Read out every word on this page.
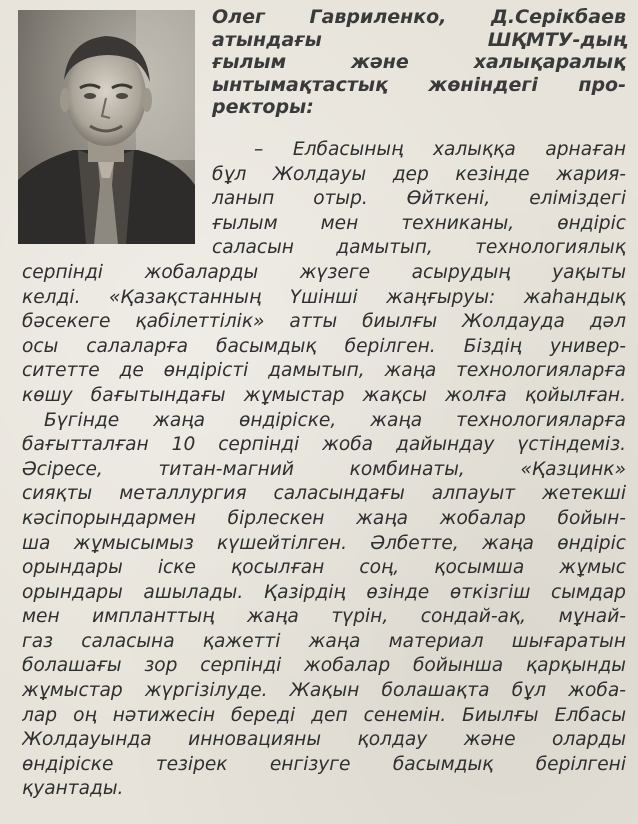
Олег Гавриленко, Д.Серікбаев
атындағы ШҚМТУ-дың
ғылым және халықаралық
ынтымақтастық жөніндегі про-
ректоры:
– Елбасының халыққа арнаған
бұл Жолдауы дер кезінде жария-
ланып отыр. Өйткені, еліміздегі
ғылым мен техниканы, өндіріс
саласын дамытып, технологиялық
серпінді жобаларды жүзеге асырудың уақыты
келді. «Қазақстанның Үшінші жаңғыруы: жаһандық
бәсекеге қабілеттілік» атты биылғы Жолдауда дәл
осы салаларға басымдық берілген. Біздің универ-
ситетте де өндірісті дамытып, жаңа технологияларға
көшу бағытындағы жұмыстар жақсы жолға қойылған.
Бүгінде жаңа өндіріске, жаңа технологияларға
бағытталған 10 серпінді жоба дайындау үстіндеміз.
Әсіресе, титан-магний комбинаты, «Қазцинк»
сияқты металлургия саласындағы алпауыт жетекші
кәсіпорындармен бірлескен жаңа жобалар бойын-
ша жұмысымыз күшейтілген. Әлбетте, жаңа өндіріс
орындары іске қосылған соң, қосымша жұмыс
орындары ашылады. Қазірдің өзінде өткізгіш сымдар
мен импланттың жаңа түрін, сондай-ақ, мұнай-
газ саласына қажетті жаңа материал шығаратын
болашағы зор серпінді жобалар бойынша қарқынды
жұмыстар жүргізілуде. Жақын болашақта бұл жоба-
лар оң нәтижесін береді деп сенемін. Биылғы Елбасы
Жолдауында инновацияны қолдау және оларды
өндіріске тезірек енгізуге басымдық берілгені
қуантады.
